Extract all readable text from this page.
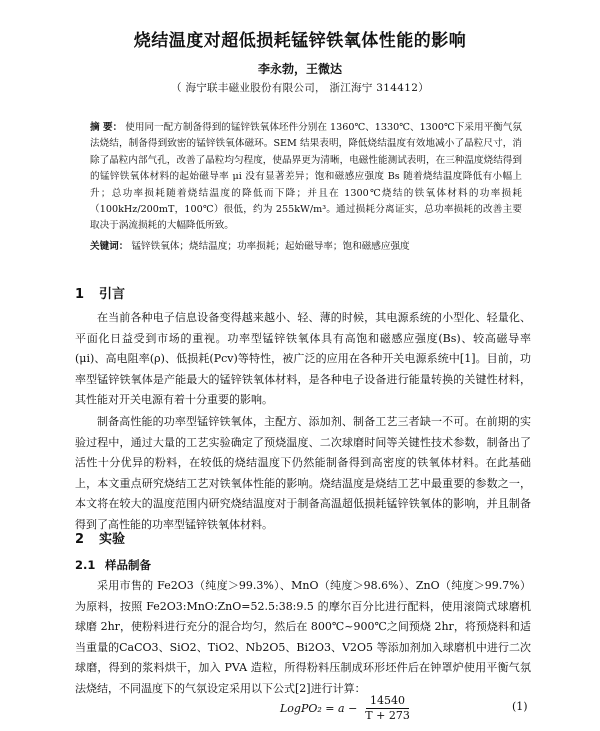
烧结温度对超低损耗锰锌铁氧体性能的影响
李永勃，王微达
（ 海宁联丰磁业股份有限公司， 浙江海宁 314412）

摘 要： 使用同一配方制备得到的锰锌铁氧体坯件分别在 1360℃、1330℃、1300℃下采用平衡气氛法烧结，制备得到致密的锰锌铁氧体磁环。SEM 结果表明，降低烧结温度有效地减小了晶粒尺寸，消除了晶粒内部气孔，改善了晶粒均匀程度，使晶界更为清晰，电磁性能测试表明，在三种温度烧结得到的锰锌铁氧体材料的起始磁导率 μi 没有显著差异；饱和磁感应强度 Bs 随着烧结温度降低有小幅上升；总功率损耗随着烧结温度的降低而下降；并且在 1300℃烧结的铁氧体材料的功率损耗（100kHz/200mT，100℃）很低，约为 255kW/m³。通过损耗分离证实，总功率损耗的改善主要取决于涡流损耗的大幅降低所致。

关键词： 锰锌铁氧体；烧结温度；功率损耗；起始磁导率；饱和磁感应强度

1 引言

在当前各种电子信息设备变得越来越小、轻、薄的时候，其电源系统的小型化、轻量化、平面化日益受到市场的重视。功率型锰锌铁氧体具有高饱和磁感应强度(Bs)、较高磁导率(μi)、高电阻率(ρ)、低损耗(Pcv)等特性，被广泛的应用在各种开关电源系统中[1]。目前，功率型锰锌铁氧体是产能最大的锰锌铁氧体材料，是各种电子设备进行能量转换的关键性材料，其性能对开关电源有着十分重要的影响。

制备高性能的功率型锰锌铁氧体，主配方、添加剂、制备工艺三者缺一不可。在前期的实验过程中，通过大量的工艺实验确定了预烧温度、二次球磨时间等关键性技术参数，制备出了活性十分优异的粉料，在较低的烧结温度下仍然能制备得到高密度的铁氧体材料。在此基础上，本文重点研究烧结工艺对铁氧体性能的影响。烧结温度是烧结工艺中最重要的参数之一，本文将在较大的温度范围内研究烧结温度对于制备高温超低损耗锰锌铁氧体的影响，并且制备得到了高性能的功率型锰锌铁氧体材料。

2 实验
2.1 样品制备

采用市售的 Fe2O3（纯度＞99.3%）、MnO（纯度＞98.6%）、ZnO（纯度＞99.7%）为原料，按照 Fe2O3:MnO:ZnO=52.5:38:9.5 的摩尔百分比进行配料，使用滚筒式球磨机球磨 2hr，使粉料进行充分的混合均匀，然后在 800℃~900℃之间预烧 2hr，将预烧料和适当重量的CaCO3、SiO2、TiO2、Nb2O5、Bi2O3、V2O5 等添加剂加入球磨机中进行二次球磨，得到的浆料烘干，加入 PVA 造粒，所得粉料压制成环形坯件后在钟罩炉使用平衡气氛法烧结，不同温度下的气氛设定采用以下公式[2]进行计算：

LogPO₂ = $a - \frac{14540}{T + 273}$	(1)
